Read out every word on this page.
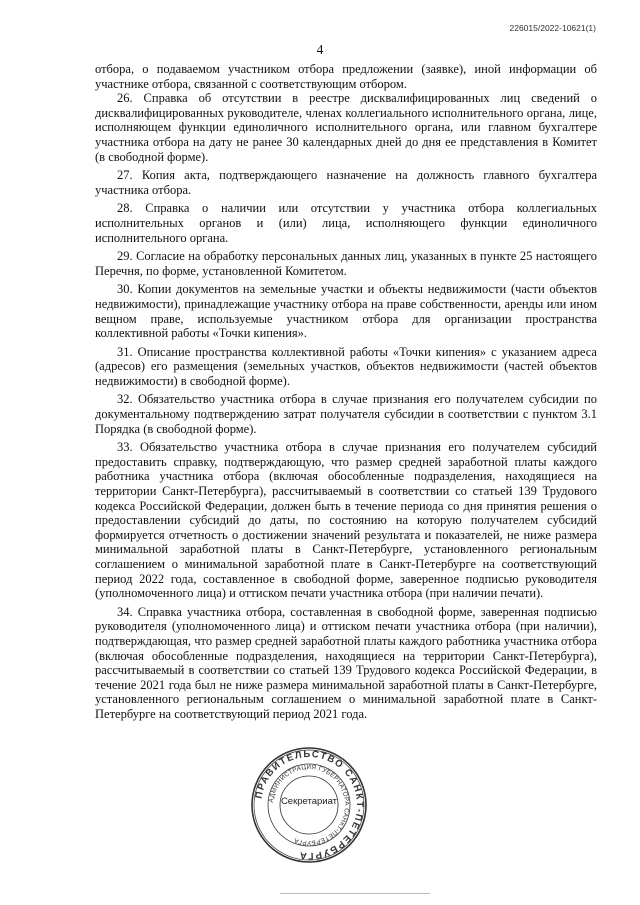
226015/2022-10621(1)
4

отбора, о подаваемом участником отбора предложении (заявке), иной информации об участнике отбора, связанной с соответствующим отбором.

26. Справка об отсутствии в реестре дисквалифицированных лиц сведений о дисквалифицированных руководителе, членах коллегиального исполнительного органа, лице, исполняющем функции единоличного исполнительного органа, или главном бухгалтере участника отбора на дату не ранее 30 календарных дней до дня ее представления в Комитет (в свободной форме).

27. Копия акта, подтверждающего назначение на должность главного бухгалтера участника отбора.

28. Справка о наличии или отсутствии у участника отбора коллегиальных исполнительных органов и (или) лица, исполняющего функции единоличного исполнительного органа.

29. Согласие на обработку персональных данных лиц, указанных в пункте 25 настоящего Перечня, по форме, установленной Комитетом.

30. Копии документов на земельные участки и объекты недвижимости (части объектов недвижимости), принадлежащие участнику отбора на праве собственности, аренды или ином вещном праве, используемые участником отбора для организации пространства коллективной работы «Точки кипения».

31. Описание пространства коллективной работы «Точки кипения» с указанием адреса (адресов) его размещения (земельных участков, объектов недвижимости (частей объектов недвижимости) в свободной форме).

32. Обязательство участника отбора в случае признания его получателем субсидии по документальному подтверждению затрат получателя субсидии в соответствии с пунктом 3.1 Порядка (в свободной форме).

33. Обязательство участника отбора в случае признания его получателем субсидий предоставить справку, подтверждающую, что размер средней заработной платы каждого работника участника отбора (включая обособленные подразделения, находящиеся на территории Санкт-Петербурга), рассчитываемый в соответствии со статьей 139 Трудового кодекса Российской Федерации, должен быть в течение периода со дня принятия решения о предоставлении субсидий до даты, по состоянию на которую получателем субсидий формируется отчетность о достижении значений результата и показателей, не ниже размера минимальной заработной платы в Санкт-Петербурге, установленного региональным соглашением о минимальной заработной плате в Санкт-Петербурге на соответствующий период 2022 года, составленное в свободной форме, заверенное подписью руководителя (уполномоченного лица) и оттиском печати участника отбора (при наличии печати).

34. Справка участника отбора, составленная в свободной форме, заверенная подписью руководителя (уполномоченного лица) и оттиском печати участника отбора (при наличии), подтверждающая, что размер средней заработной платы каждого работника участника отбора (включая обособленные подразделения, находящиеся на территории Санкт-Петербурга), рассчитываемый в соответствии со статьей 139 Трудового кодекса Российской Федерации, в течение 2021 года был не ниже размера минимальной заработной платы в Санкт-Петербурге, установленного региональным соглашением о минимальной заработной плате в Санкт-Петербурге на соответствующий период 2021 года.

ПРАВИТЕЛЬСТВО САНКТ-ПЕТЕРБУРГА
АДМИНИСТРАЦИЯ ГУБЕРНАТОРА САНКТ-ПЕТЕРБУРГА
Секретариат
